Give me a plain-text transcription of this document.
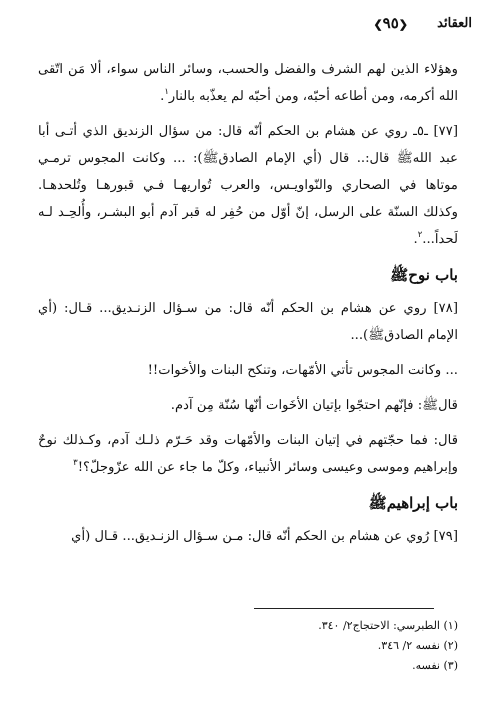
العقائد
❮٩٥❯

وهؤلاء الذين لهم الشرف والفضل والحسب، وسائر الناس سواء، ألا مَن اتّقى الله أكرمه، ومن أطاعه أحبّه، ومن أحبّه لم يعذّبه بالنار$^١$.

[٧٧] ـ٥ـ روي عن هشام بن الحكم أنّه قال: من سؤال الزنديق الذي أتـى أبا عبد اللهﷺ قال:.. قال (أي الإمام الصادقﷺ): ... وكانت المجوس ترمـي موتاها في الصحاري والنّواويـس، والعرب تُواريهـا فـي قبورهـا وتُلحدهـا. وكذلك السنّة على الرسل، إنّ أوّل من حُفِر له قبر آدم أبو البشـر، وأُلحِـد لـه لَحداً...$^٢$.

باب نوحﷺ

[٧٨] روي عن هشام بن الحكم أنّه قال: من سـؤال الزنـديق... قـال: (أي الإمام الصادقﷺ)...

... وكانت المجوس تأتي الأمّهات، وتنكح البنات والأخوات!!

قالﷺ: فإنّهم احتجّوا بإتيان الأخَوات أنّها سُنّة مِن آدم.

قال: فما حجّتهم في إتيان البنات والأمّهات وقد حَـرّم ذلـك آدم، وكـذلك نوحٌ وإبراهيم وموسى وعيسى وسائر الأنبياء، وكلّ ما جاء عن الله عزّوجلّ؟!$^٣$

باب إبراهيمﷺ

[٧٩] رُوي عن هشام بن الحكم أنّه قال: مـن سـؤال الزنـديق... قـال (أي

(١) الطبرسي: الاحتجاج٢/ ٣٤٠.
(٢) نفسه ٢/ ٣٤٦.
(٣) نفسه.
